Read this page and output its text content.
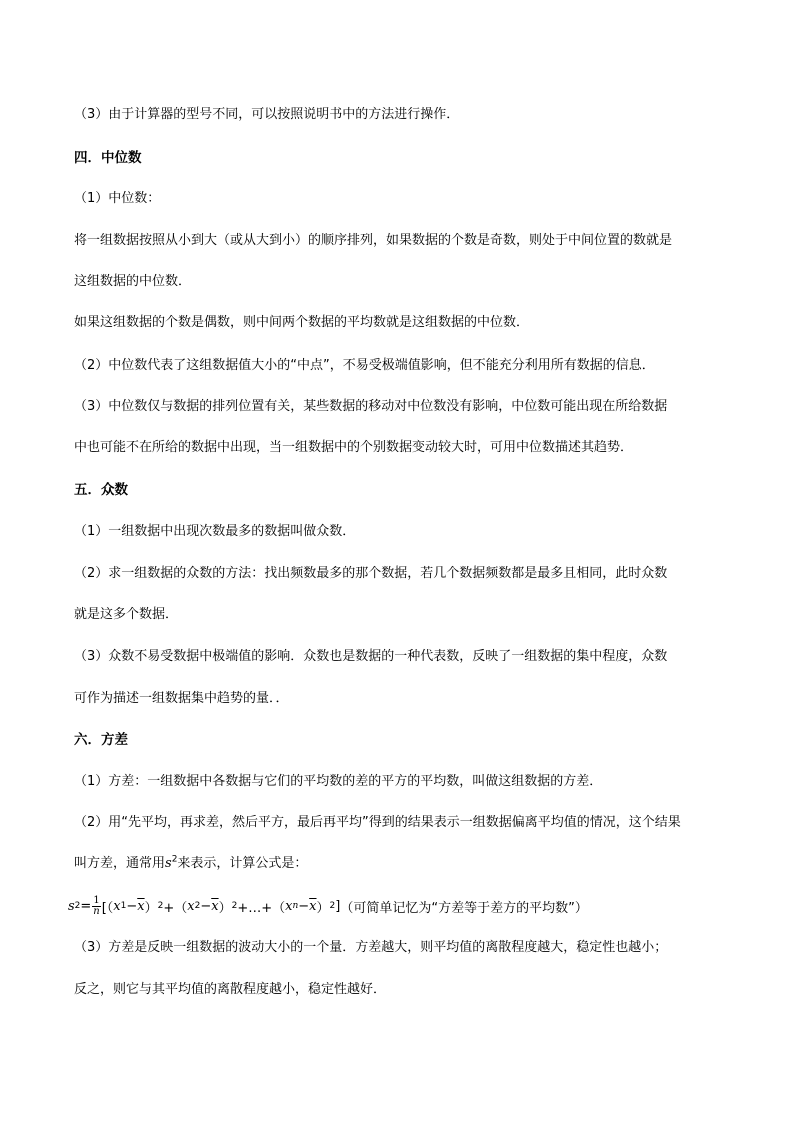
（3）由于计算器的型号不同，可以按照说明书中的方法进行操作．
四．中位数
（1）中位数：
将一组数据按照从小到大（或从大到小）的顺序排列，如果数据的个数是奇数，则处于中间位置的数就是
这组数据的中位数．
如果这组数据的个数是偶数，则中间两个数据的平均数就是这组数据的中位数．
（2）中位数代表了这组数据值大小的“中点”，不易受极端值影响，但不能充分利用所有数据的信息．
（3）中位数仅与数据的排列位置有关，某些数据的移动对中位数没有影响，中位数可能出现在所给数据
中也可能不在所给的数据中出现，当一组数据中的个别数据变动较大时，可用中位数描述其趋势．
五．众数
（1）一组数据中出现次数最多的数据叫做众数．
（2）求一组数据的众数的方法：找出频数最多的那个数据，若几个数据频数都是最多且相同，此时众数
就是这多个数据．
（3）众数不易受数据中极端值的影响．众数也是数据的一种代表数，反映了一组数据的集中程度，众数
可作为描述一组数据集中趋势的量．．
六．方差
（1）方差：一组数据中各数据与它们的平均数的差的平方的平均数，叫做这组数据的方差．
（2）用“先平均，再求差，然后平方，最后再平均”得到的结果表示一组数据偏离平均值的情况，这个结果
叫方差，通常用$s^2$来表示，计算公式是：
s $2 = \frac{1}{n}$ [（ x $1 - \overline{x}$ ） 2 +（ x $2 - \overline{x}$ ） 2 +…+（ x $n - \overline{x}$ ） 2 ] （可简单记忆为“方差等于差方的平均数”）
（3）方差是反映一组数据的波动大小的一个量．方差越大，则平均值的离散程度越大，稳定性也越小；
反之，则它与其平均值的离散程度越小，稳定性越好．
